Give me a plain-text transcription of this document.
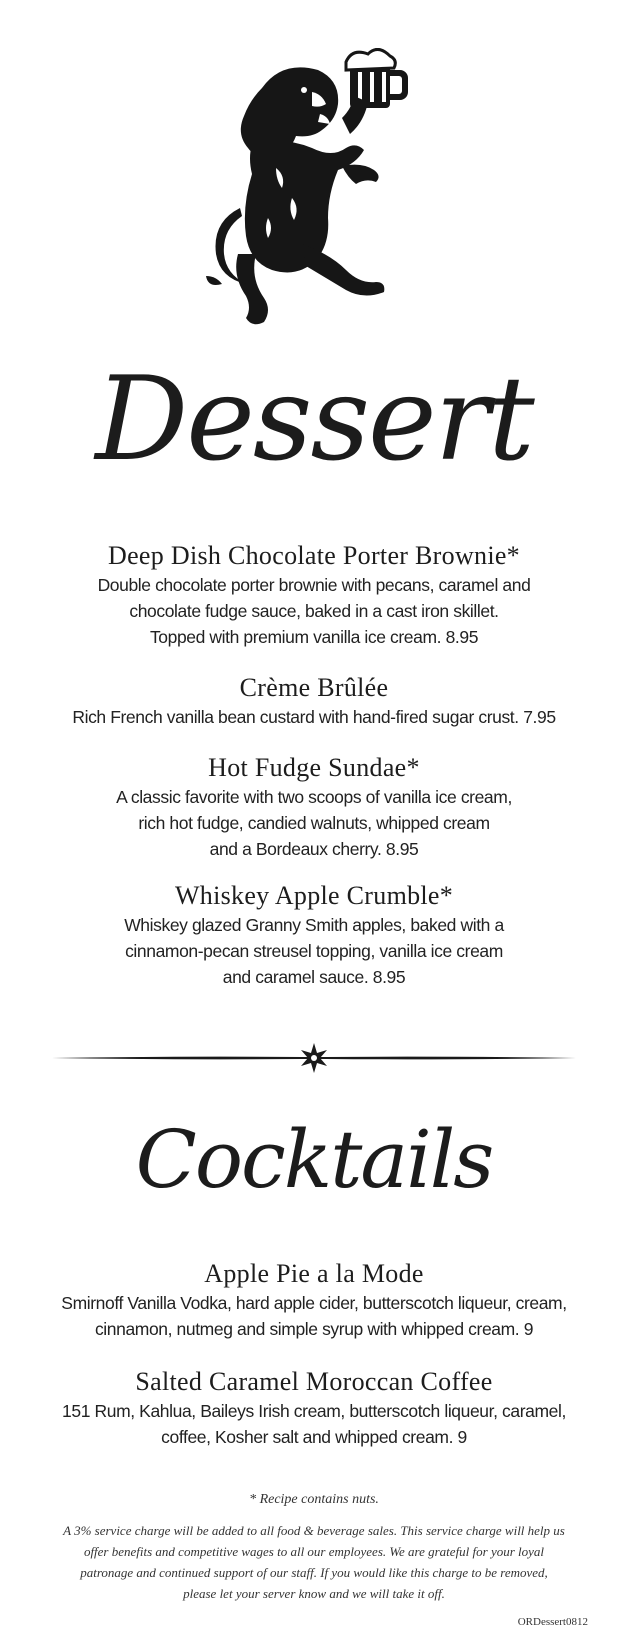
Dessert
Deep Dish Chocolate Porter Brownie*
Double chocolate porter brownie with pecans, caramel and
chocolate fudge sauce, baked in a cast iron skillet.
Topped with premium vanilla ice cream. 8.95
Crème Brûlée
Rich French vanilla bean custard with hand-fired sugar crust. 7.95
Hot Fudge Sundae*
A classic favorite with two scoops of vanilla ice cream,
rich hot fudge, candied walnuts, whipped cream
and a Bordeaux cherry. 8.95
Whiskey Apple Crumble*
Whiskey glazed Granny Smith apples, baked with a
cinnamon-pecan streusel topping, vanilla ice cream
and caramel sauce. 8.95
Cocktails
Apple Pie a la Mode
Smirnoff Vanilla Vodka, hard apple cider, butterscotch liqueur, cream,
cinnamon, nutmeg and simple syrup with whipped cream. 9
Salted Caramel Moroccan Coffee
151 Rum, Kahlua, Baileys Irish cream, butterscotch liqueur, caramel,
coffee, Kosher salt and whipped cream. 9
* Recipe contains nuts.
A 3% service charge will be added to all food & beverage sales. This service charge will help us
offer benefits and competitive wages to all our employees. We are grateful for your loyal
patronage and continued support of our staff. If you would like this charge to be removed,
please let your server know and we will take it off.
ORDessert0812
